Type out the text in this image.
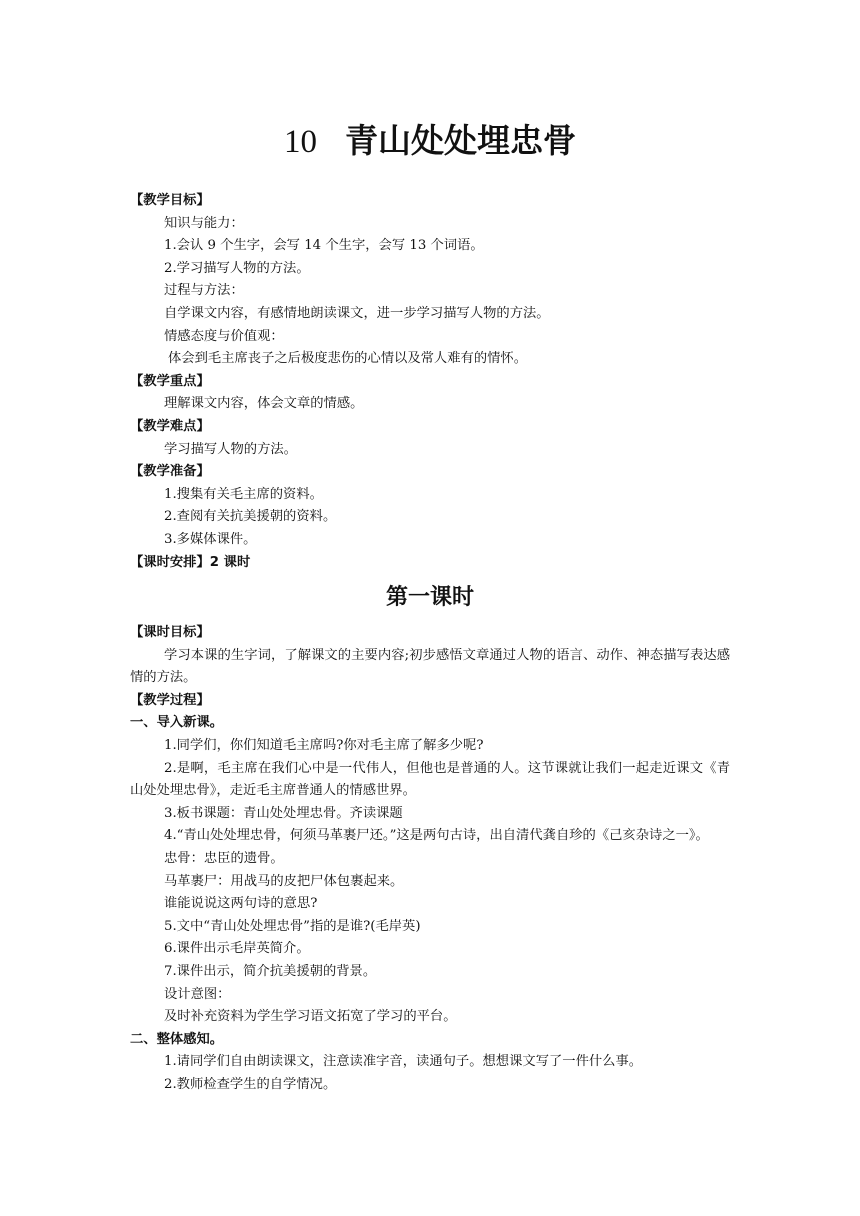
10 青山处处埋忠骨
【教学目标】
知识与能力：
1.会认 9 个生字，会写 14 个生字，会写 13 个词语。
2.学习描写人物的方法。
过程与方法：
自学课文内容，有感情地朗读课文，进一步学习描写人物的方法。
情感态度与价值观：
体会到毛主席丧子之后极度悲伤的心情以及常人难有的情怀。
【教学重点】
理解课文内容，体会文章的情感。
【教学难点】
学习描写人物的方法。
【教学准备】
1.搜集有关毛主席的资料。
2.查阅有关抗美援朝的资料。
3.多媒体课件。
【课时安排】2 课时
第一课时
【课时目标】

学习本课的生字词，了解课文的主要内容;初步感悟文章通过人物的语言、动作、神态描写表达感情的方法。

【教学过程】
一、导入新课。
1.同学们，你们知道毛主席吗?你对毛主席了解多少呢?

2.是啊，毛主席在我们心中是一代伟人，但他也是普通的人。这节课就让我们一起走近课文《青山处处埋忠骨》，走近毛主席普通人的情感世界。

3.板书课题：青山处处埋忠骨。齐读课题

4.“青山处处埋忠骨，何须马革裹尸还。”这是两句古诗，出自清代龚自珍的《己亥杂诗之一》。

忠骨：忠臣的遗骨。
马革裹尸：用战马的皮把尸体包裹起来。
谁能说说这两句诗的意思?
5.文中“青山处处埋忠骨”指的是谁?(毛岸英)
6.课件出示毛岸英简介。
7.课件出示，简介抗美援朝的背景。
设计意图：
及时补充资料为学生学习语文拓宽了学习的平台。
二、整体感知。
1.请同学们自由朗读课文，注意读准字音，读通句子。想想课文写了一件什么事。
2.教师检查学生的自学情况。
